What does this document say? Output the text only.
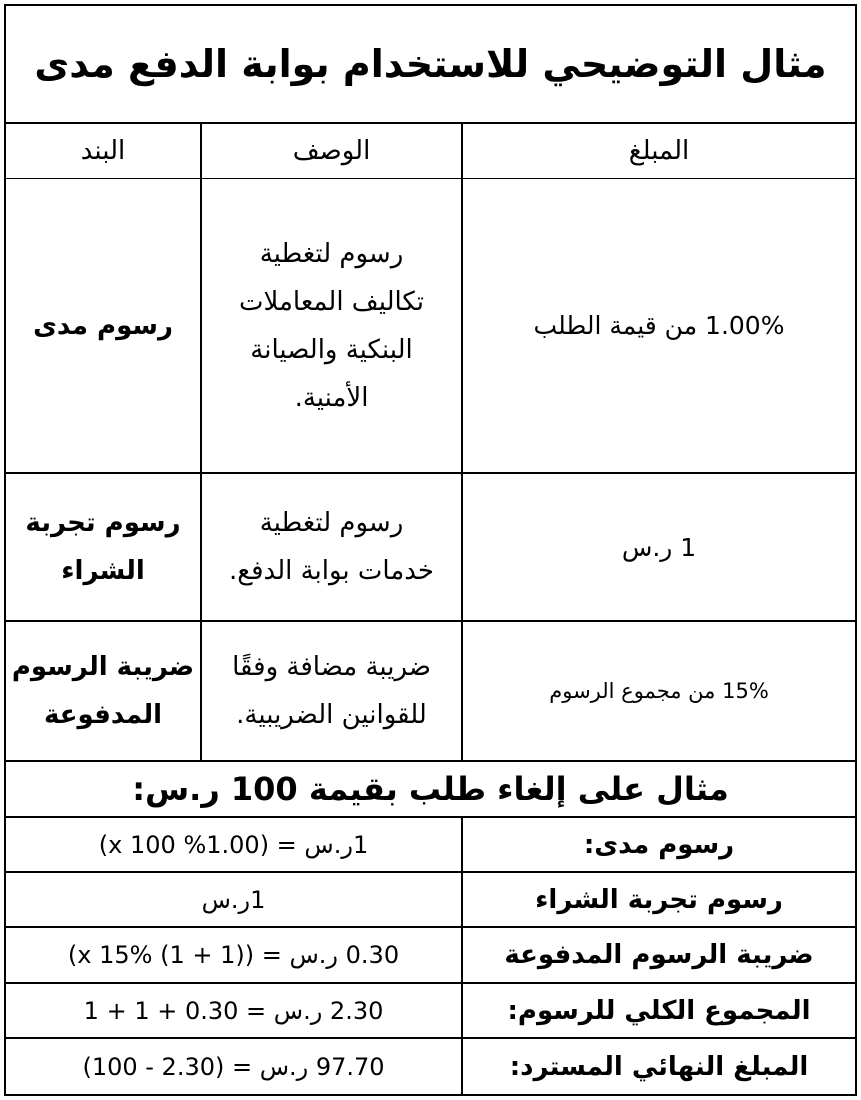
مثال التوضيحي للاستخدام بوابة الدفع مدى
البند	الوصف	المبلغ
رسوم مدى
رسوم لتغطية
تكاليف المعاملات
البنكية والصيانة
الأمنية.
1.00% من قيمة الطلب
رسوم تجربة
الشراء
رسوم لتغطية
خدمات بوابة الدفع.
1 ر.س
ضريبة الرسوم
المدفوعة
ضريبة مضافة وفقًا
للقوانين الضريبية.
15% من مجموع الرسوم
مثال على إلغاء طلب بقيمة 100 ر.س:
رسوم مدى:
1ر.س = (1.00% x 100)
رسوم تجربة الشراء
1ر.س
ضريبة الرسوم المدفوعة
0.30 ر.س = ((1 + 1) x 15%)
المجموع الكلي للرسوم:
2.30 ر.س = 0.30 + 1 + 1
المبلغ النهائي المسترد:
97.70 ر.س = (2.30 - 100)
